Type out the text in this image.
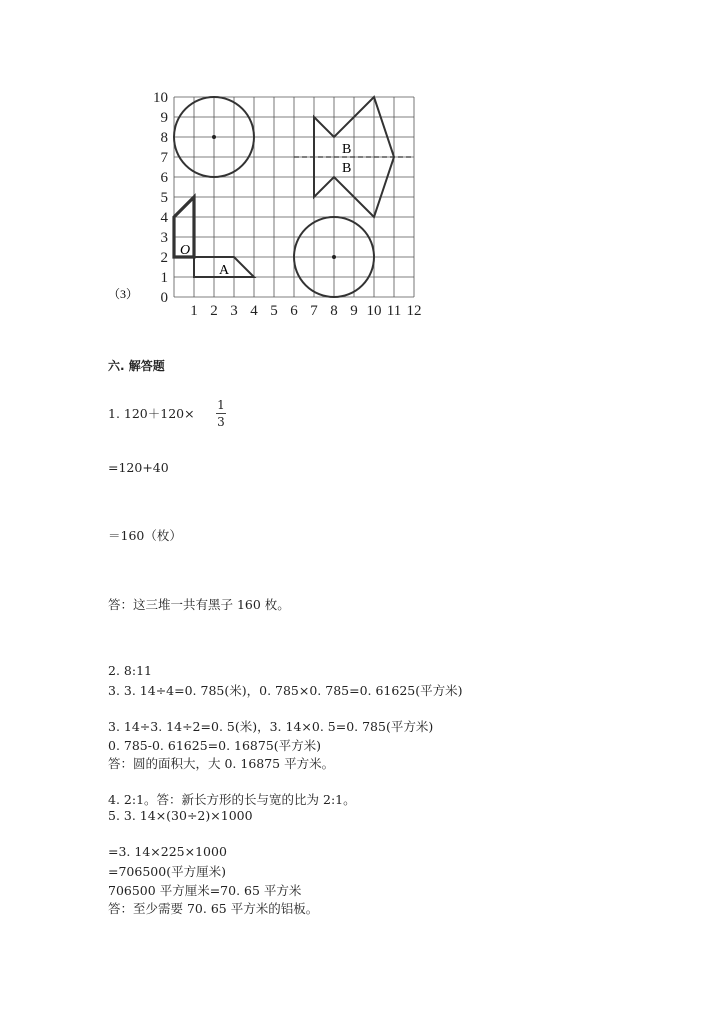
1 2 3 4 5 6 7 8 9 10 11 12
0
1
2
3
4
5
6
7
8
9
10
A
B
B
O
（3）
六. 解答题
1. 120＋120×
1
3
=120+40
＝160（枚）
答：这三堆一共有黑子 160 枚。
2. 8:11
3. 3. 14÷4=0. 785(米)，0. 785×0. 785=0. 61625(平方米)
3. 14÷3. 14÷2=0. 5(米)，3. 14×0. 5=0. 785(平方米)
0. 785-0. 61625=0. 16875(平方米)
答：圆的面积大，大 0. 16875 平方米。
4. 2:1。答：新长方形的长与宽的比为 2:1。
5. 3. 14×(30÷2)×1000
=3. 14×225×1000
=706500(平方厘米)
706500 平方厘米=70. 65 平方米
答：至少需要 70. 65 平方米的铝板。
